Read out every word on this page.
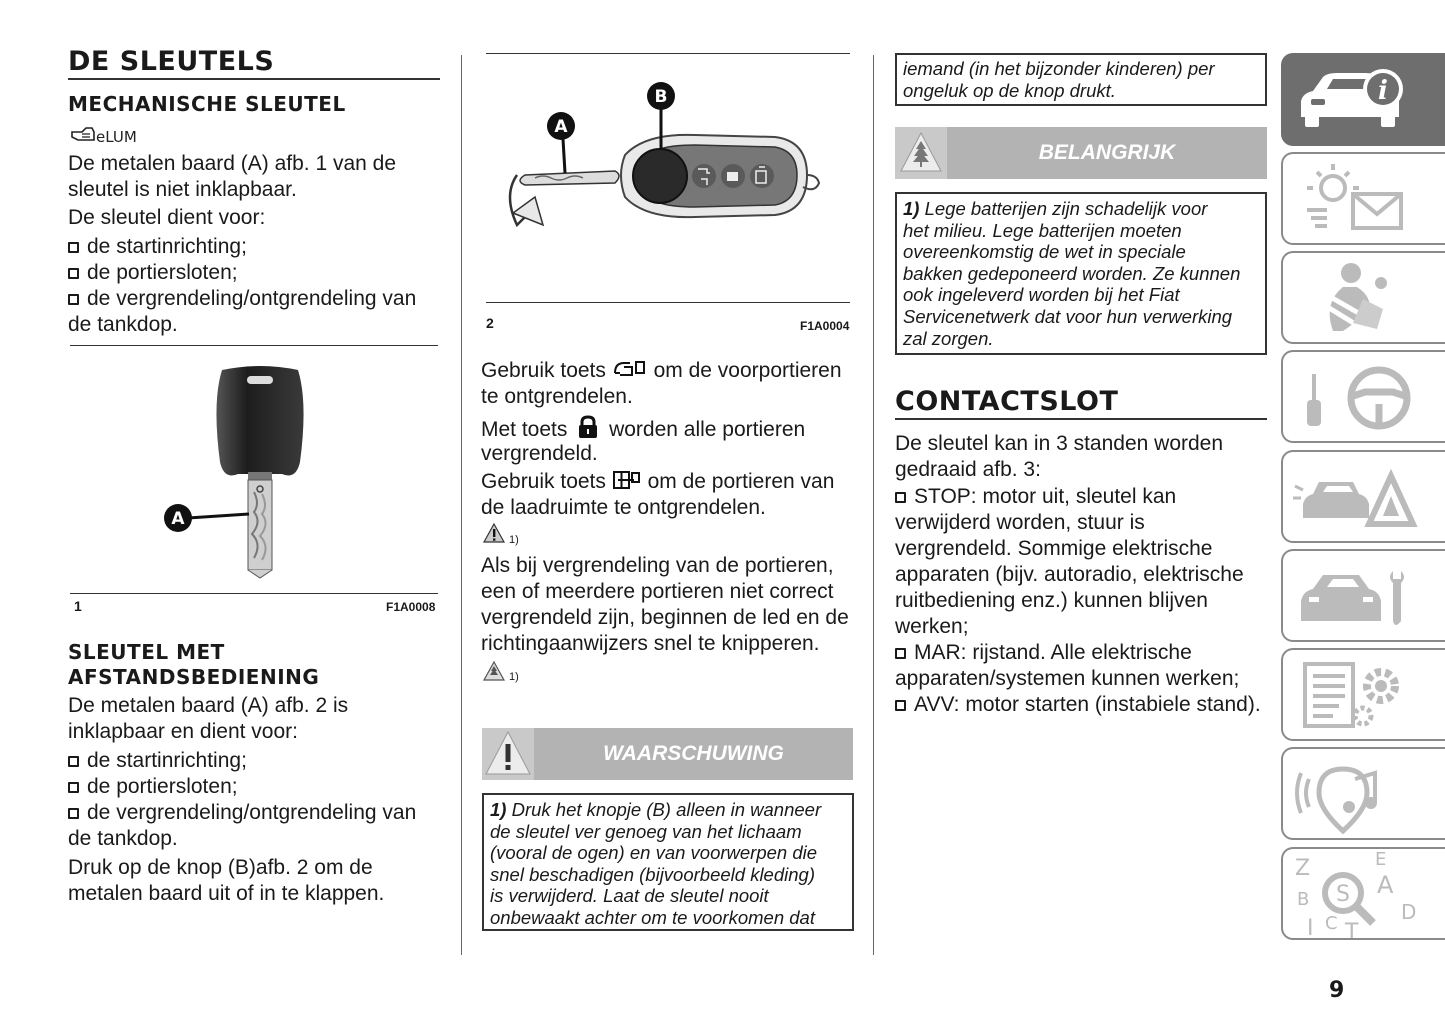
DE SLEUTELS
MECHANISCHE SLEUTEL
eLUM
De metalen baard (A) afb. 1 van de sleutel is niet inklapbaar.
De sleutel dient voor:
de startinrichting;
de portiersloten;
de vergrendeling/ontgrendeling van
de tankdop.
A
1	F1A0008
SLEUTEL MET
AFSTANDSBEDIENING
De metalen baard (A) afb. 2 is
inklapbaar en dient voor:
de startinrichting;
de portiersloten;
de vergrendeling/ontgrendeling van
de tankdop.
Druk op de knop (B)afb. 2 om de
metalen baard uit of in te klappen.
A
B
2	F1A0004
Gebruik toets om de voorportieren
te ontgrendelen.
Met toets worden alle portieren
vergrendeld.
Gebruik toets om de portieren van
de laadruimte te ontgrendelen.
1)
Als bij vergrendeling van de portieren,
een of meerdere portieren niet correct
vergrendeld zijn, beginnen de led en de
richtingaanwijzers snel te knipperen.
1)
WAARSCHUWING
1) Druk het knopje (B) alleen in wanneer
de sleutel ver genoeg van het lichaam
(vooral de ogen) en van voorwerpen die
snel beschadigen (bijvoorbeeld kleding)
is verwijderd. Laat de sleutel nooit
onbewaakt achter om te voorkomen dat
iemand (in het bijzonder kinderen) per
ongeluk op de knop drukt.
BELANGRIJK
1) Lege batterijen zijn schadelijk voor
het milieu. Lege batterijen moeten
overeenkomstig de wet in speciale
bakken gedeponeerd worden. Ze kunnen
ook ingeleverd worden bij het Fiat
Servicenetwerk dat voor hun verwerking
zal zorgen.
CONTACTSLOT
De sleutel kan in 3 standen worden
gedraaid afb. 3:
STOP: motor uit, sleutel kan
verwijderd worden, stuur is
vergrendeld. Sommige elektrische
apparaten (bijv. autoradio, elektrische
ruitbediening enz.) kunnen blijven
werken;
MAR: rijstand. Alle elektrische
apparaten/systemen kunnen werken;
AVV: motor starten (instabiele stand).
i
Z	E
A
B
D
I C T
S
9
